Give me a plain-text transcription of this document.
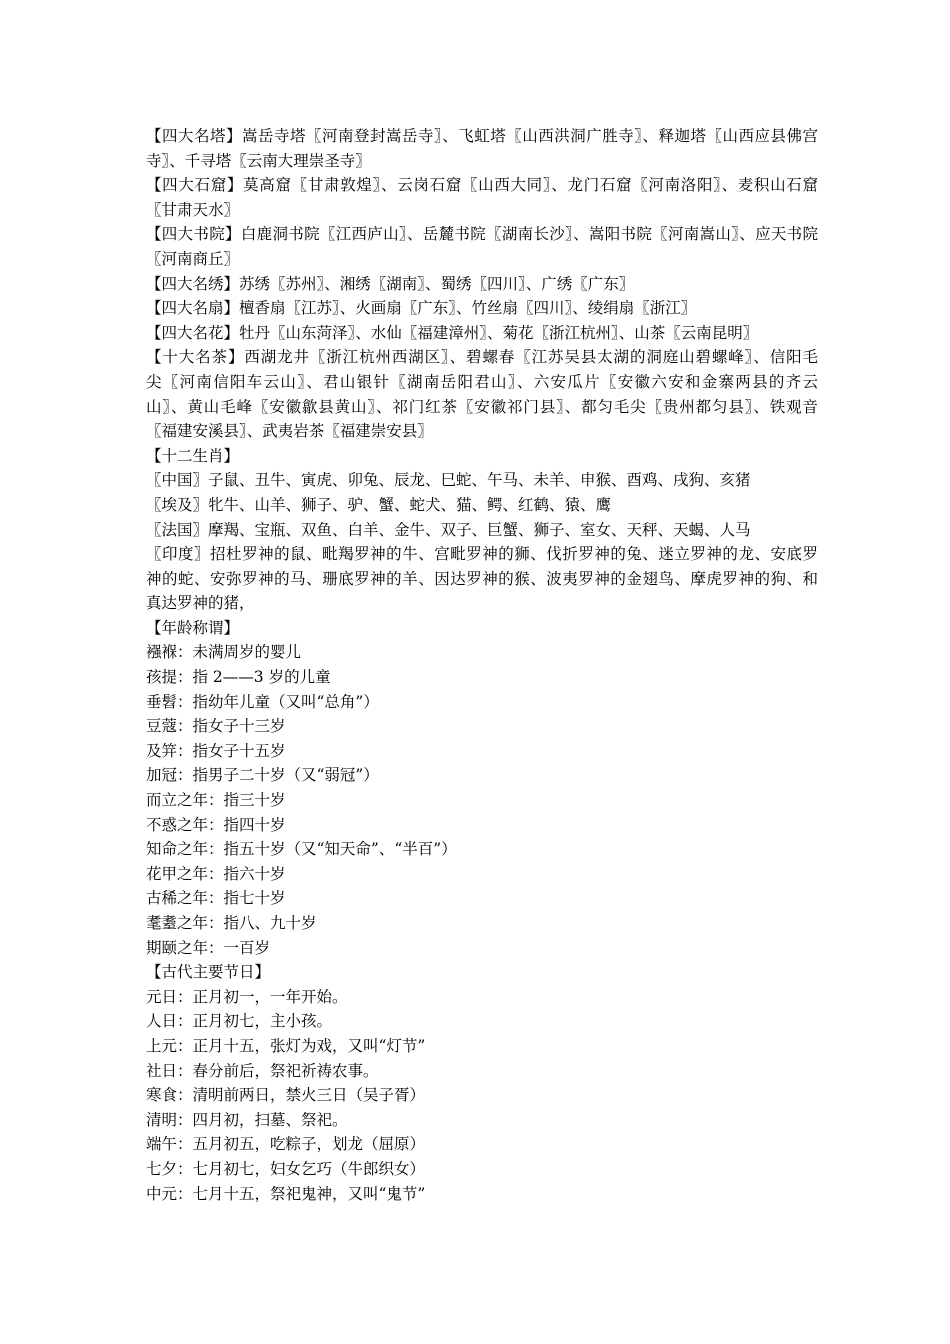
【四大名塔】嵩岳寺塔〖河南登封嵩岳寺〗、飞虹塔〖山西洪洞广胜寺〗、释迦塔〖山西应县佛宫
寺〗、千寻塔〖云南大理崇圣寺〗
【四大石窟】莫高窟〖甘肃敦煌〗、云岗石窟〖山西大同〗、龙门石窟〖河南洛阳〗、麦积山石窟
〖甘肃天水〗
【四大书院】白鹿洞书院〖江西庐山〗、岳麓书院〖湖南长沙〗、嵩阳书院〖河南嵩山〗、应天书院
〖河南商丘〗
【四大名绣】苏绣〖苏州〗、湘绣〖湖南〗、蜀绣〖四川〗、广绣〖广东〗
【四大名扇】檀香扇〖江苏〗、火画扇〖广东〗、竹丝扇〖四川〗、绫绢扇〖浙江〗
【四大名花】牡丹〖山东菏泽〗、水仙〖福建漳州〗、菊花〖浙江杭州〗、山茶〖云南昆明〗
【十大名茶】西湖龙井〖浙江杭州西湖区〗、碧螺春〖江苏吴县太湖的洞庭山碧螺峰〗、信阳毛
尖〖河南信阳车云山〗、君山银针〖湖南岳阳君山〗、六安瓜片〖安徽六安和金寨两县的齐云
山〗、黄山毛峰〖安徽歙县黄山〗、祁门红茶〖安徽祁门县〗、都匀毛尖〖贵州都匀县〗、铁观音
〖福建安溪县〗、武夷岩茶〖福建崇安县〗
【十二生肖】
〖中国〗子鼠、丑牛、寅虎、卯兔、辰龙、巳蛇、午马、未羊、申猴、酉鸡、戌狗、亥猪
〖埃及〗牝牛、山羊、狮子、驴、蟹、蛇犬、猫、鳄、红鹤、猿、鹰
〖法国〗摩羯、宝瓶、双鱼、白羊、金牛、双子、巨蟹、狮子、室女、天秤、天蝎、人马
〖印度〗招杜罗神的鼠、毗羯罗神的牛、宫毗罗神的狮、伐折罗神的兔、迷立罗神的龙、安底罗
神的蛇、安弥罗神的马、珊底罗神的羊、因达罗神的猴、波夷罗神的金翅鸟、摩虎罗神的狗、和
真达罗神的猪，
【年龄称谓】
襁褓：未满周岁的婴儿
孩提：指 2——3 岁的儿童
垂髫：指幼年儿童（又叫“总角”）
豆蔻：指女子十三岁
及笄：指女子十五岁
加冠：指男子二十岁（又“弱冠”）
而立之年：指三十岁
不惑之年：指四十岁
知命之年：指五十岁（又“知天命”、“半百”）
花甲之年：指六十岁
古稀之年：指七十岁
耄耋之年：指八、九十岁
期颐之年：一百岁
【古代主要节日】
元日：正月初一，一年开始。
人日：正月初七，主小孩。
上元：正月十五，张灯为戏，又叫“灯节”
社日：春分前后，祭祀祈祷农事。
寒食：清明前两日，禁火三日（吴子胥）
清明：四月初，扫墓、祭祀。
端午：五月初五，吃粽子，划龙（屈原）
七夕：七月初七，妇女乞巧（牛郎织女）
中元：七月十五，祭祀鬼神，又叫“鬼节”
